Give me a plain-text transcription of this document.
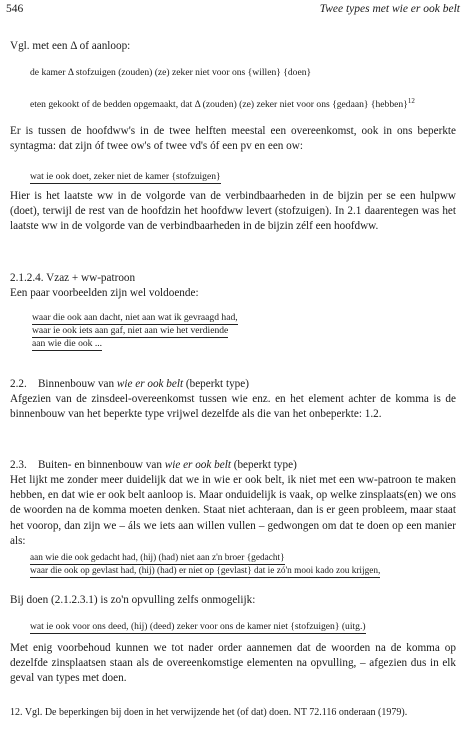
546	Twee types met wie er ook belt
Vgl. met een Δ of aanloop:
de kamer Δ stofzuigen (zouden) (ze) zeker niet voor ons {willen} {doen}
eten gekookt of de bedden opgemaakt, dat Δ (zouden) (ze) zeker niet voor ons {gedaan} {hebben}$^{12}$
Er is tussen de hoofdww's in de twee helften meestal een overeenkomst, ook in ons beperkte syntagma: dat zijn óf twee ow's of twee vd's óf een pv en een ow:
wat ie ook doet, zeker niet de kamer {stofzuigen}
Hier is het laatste ww in de volgorde van de verbindbaarheden in de bijzin per se een hulpww (doet), terwijl de rest van de hoofdzin het hoofdww levert (stofzuigen). In 2.1 daarentegen was het laatste ww in de volgorde van de verbindbaarheden in de bijzin zélf een hoofdww.
2.1.2.4. Vzaz + ww-patroon
Een paar voorbeelden zijn wel voldoende:
waar die ook aan dacht, niet aan wat ik gevraagd had,
waar ie ook iets aan gaf, niet aan wie het verdiende
aan wie die ook ...
2.2. Binnenbouw van wie er ook belt (beperkt type)
Afgezien van de zinsdeel-overeenkomst tussen wie enz. en het element achter de komma is de binnenbouw van het beperkte type vrijwel dezelfde als die van het onbeperkte: 1.2.
2.3. Buiten- en binnenbouw van wie er ook belt (beperkt type)
Het lijkt me zonder meer duidelijk dat we in wie er ook belt, ik niet met een ww-patroon te maken hebben, en dat wie er ook belt aanloop is. Maar onduidelijk is vaak, op welke zinsplaats(en) we ons de woorden na de komma moeten denken. Staat niet achteraan, dan is er geen probleem, maar staat het voorop, dan zijn we – áls we iets aan willen vullen – gedwongen om dat te doen op een manier als:
aan wie die ook gedacht had, (hij) (had) niet aan z'n broer {gedacht}
waar die ook op gevlast had, (hij) (had) er niet op {gevlast} dat ie zó'n mooi kado zou krijgen,
Bij doen (2.1.2.3.1) is zo'n opvulling zelfs onmogelijk:
wat ie ook voor ons deed, (hij) (deed) zeker voor ons de kamer niet {stofzuigen} (uitg.)
Met enig voorbehoud kunnen we tot nader order aannemen dat de woorden na de komma op dezelfde zinsplaatsen staan als de overeenkomstige elementen na opvulling, – afgezien dus in elk geval van types met doen.
12. Vgl. De beperkingen bij doen in het verwijzende het (of dat) doen. NT 72.116 onderaan (1979).
